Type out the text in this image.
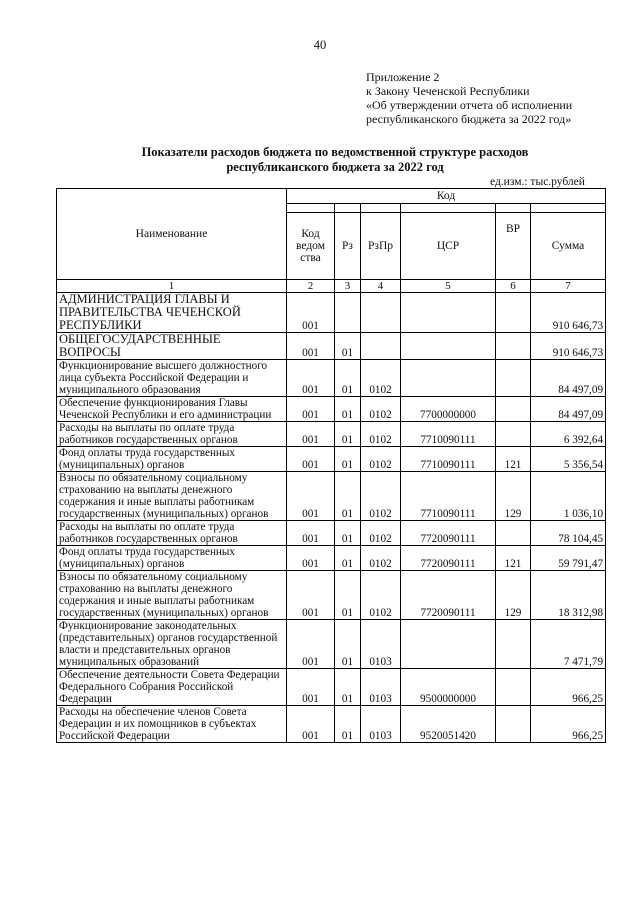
40
Приложение 2
к Закону Чеченской Республики
«Об утверждении отчета об исполнении
республиканского бюджета за 2022 год»
Показатели расходов бюджета по ведомственной структуре расходов
республиканского бюджета за 2022 год
ед.изм.: тыс.рублей
Наименование	Код					

	Код ведом ства	Рз	РзПр	ЦСР	ВР	Сумма
1	2	3	4	5	6	7
АДМИНИСТРАЦИЯ ГЛАВЫ И ПРАВИТЕЛЬСТВА ЧЕЧЕНСКОЙ РЕСПУБЛИКИ	001					910 646,73
ОБЩЕГОСУДАРСТВЕННЫЕ ВОПРОСЫ	001	01				910 646,73
Функционирование высшего должностного лица субъекта Российской Федерации и муниципального образования	001	01	0102			84 497,09
Обеспечение функционирования Главы Чеченской Республики и его администрации	001	01	0102	7700000000		84 497,09
Расходы на выплаты по оплате труда работников государственных органов	001	01	0102	7710090111		6 392,64
Фонд оплаты труда государственных (муниципальных) органов	001	01	0102	7710090111	121	5 356,54
Взносы по обязательному социальному страхованию на выплаты денежного содержания и иные выплаты работникам государственных (муниципальных) органов	001	01	0102	7710090111	129	1 036,10
Расходы на выплаты по оплате труда работников государственных органов	001	01	0102	7720090111		78 104,45
Фонд оплаты труда государственных (муниципальных) органов	001	01	0102	7720090111	121	59 791,47
Взносы по обязательному социальному страхованию на выплаты денежного содержания и иные выплаты работникам государственных (муниципальных) органов	001	01	0102	7720090111	129	18 312,98
Функционирование законодательных (представительных) органов государственной власти и представительных органов муниципальных образований	001	01	0103			7 471,79
Обеспечение деятельности Совета Федерации Федерального Собрания Российской Федерации	001	01	0103	9500000000		966,25
Расходы на обеспечение членов Совета Федерации и их помощников в субъектах Российской Федерации	001	01	0103	9520051420		966,25
